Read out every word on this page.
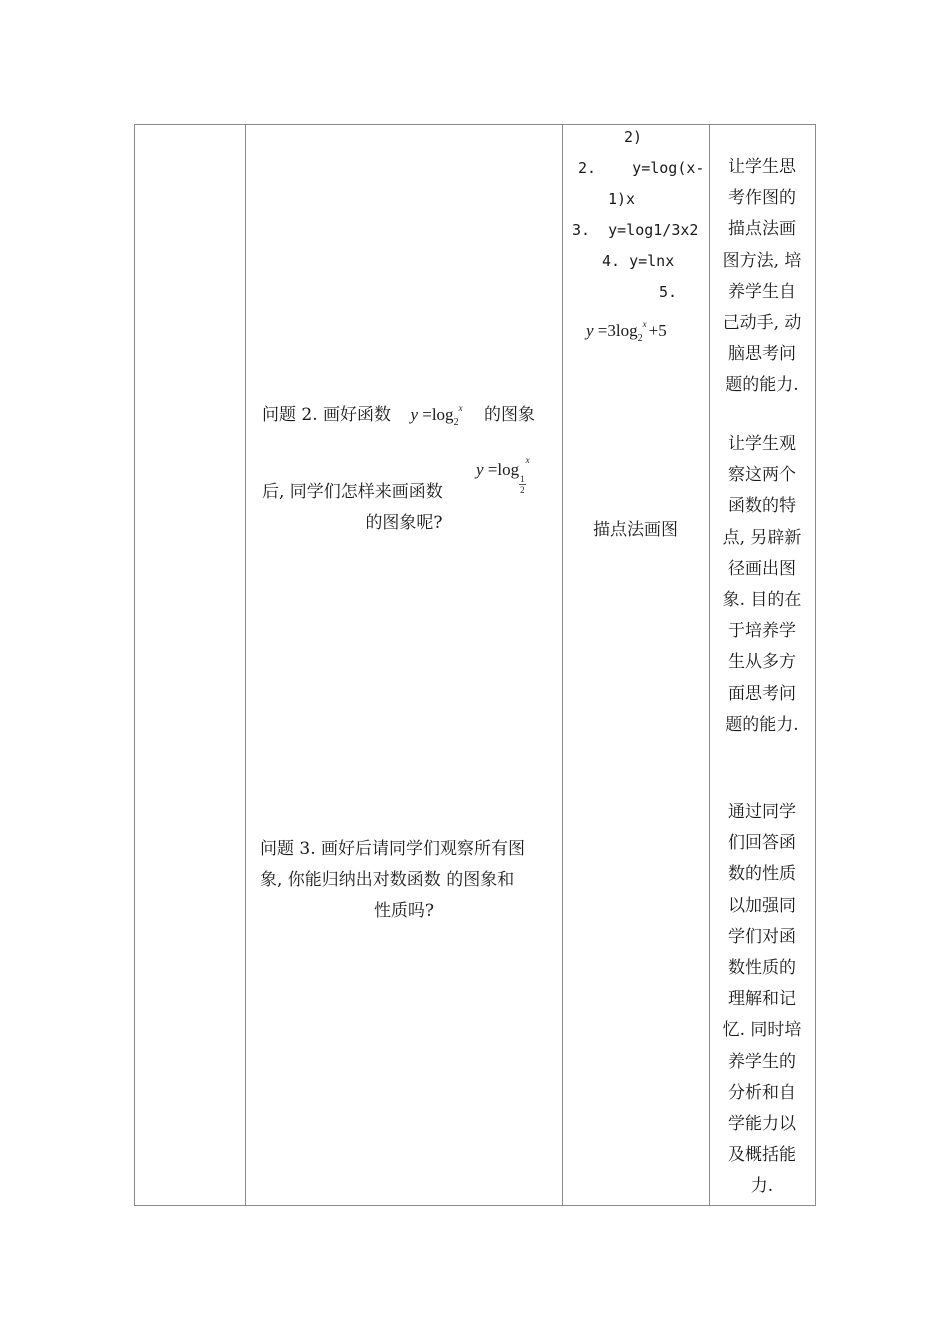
问题 2. 画好函数 $y =\log_2^x$ 的图象
y =log
$\frac{1}{2}$
$^x$
后, 同学们怎样来画函数
的图象呢?
问题 3. 画好后请同学们观察所有图
象, 你能归纳出对数函数 的图象和
性质吗?
2)
2.    y=log(x-
1)x
3.  y=log1/3x2
4. y=lnx
5.
$y =3\log_2^x +5$
描点法画图
让学生思
考作图的
描点法画
图方法, 培
养学生自
己动手, 动
脑思考问
题的能力.
让学生观
察这两个
函数的特
点, 另辟新
径画出图
象. 目的在
于培养学
生从多方
面思考问
题的能力.
通过同学
们回答函
数的性质
以加强同
学们对函
数性质的
理解和记
忆. 同时培
养学生的
分析和自
学能力以
及概括能
力.
